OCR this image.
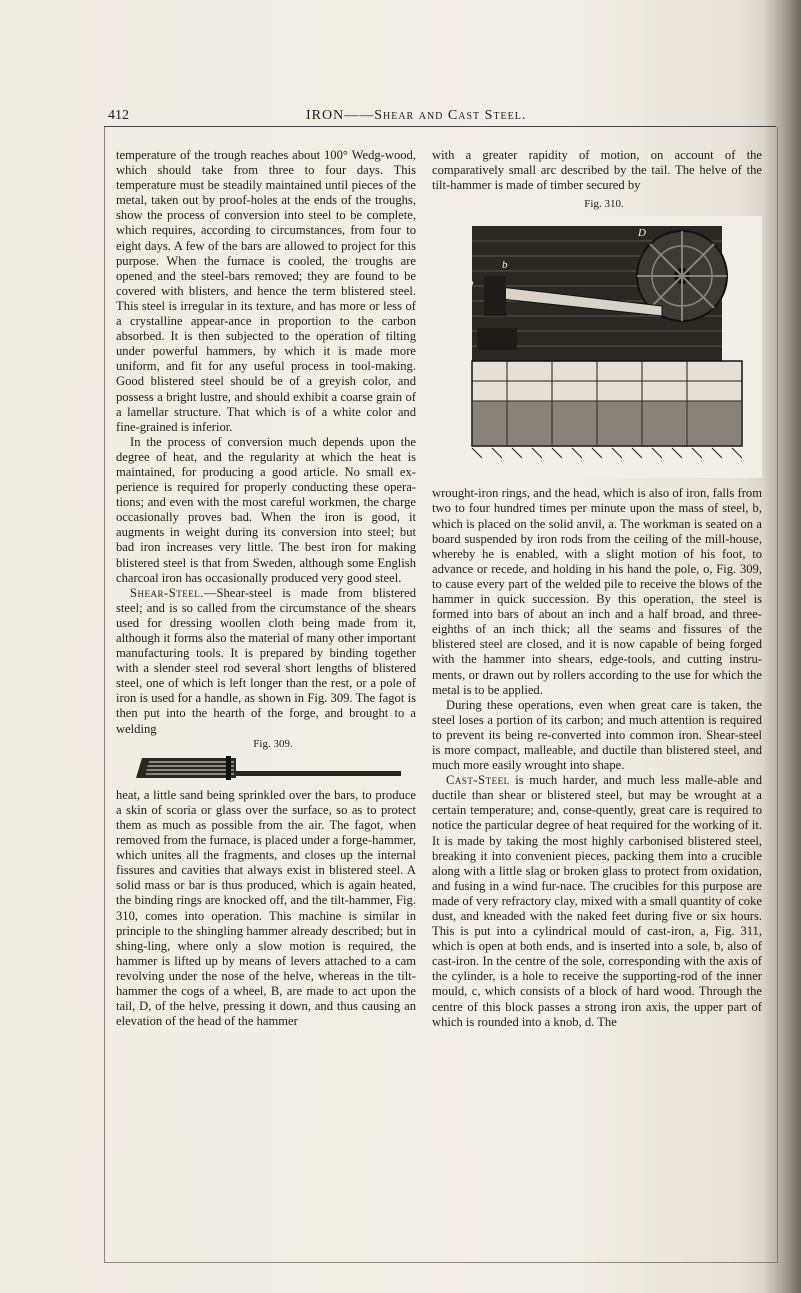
412	IRON——Shear and Cast Steel.

temperature of the trough reaches about 100° Wedg-wood, which should take from three to four days. This temperature must be steadily maintained until pieces of the metal, taken out by proof-holes at the ends of the troughs, show the process of conversion into steel to be complete, which requires, according to circumstances, from four to eight days. A few of the bars are allowed to project for this purpose. When the furnace is cooled, the troughs are opened and the steel-bars removed; they are found to be covered with blisters, and hence the term blistered steel. This steel is irregular in its texture, and has more or less of a crystalline appear-ance in proportion to the carbon absorbed. It is then subjected to the operation of tilting under powerful hammers, by which it is made more uniform, and fit for any useful process in tool-making. Good blistered steel should be of a greyish color, and possess a bright lustre, and should exhibit a coarse grain of a lamellar structure. That which is of a white color and fine-grained is inferior.

In the process of conversion much depends upon the degree of heat, and the regularity at which the heat is maintained, for producing a good article. No small ex-perience is required for properly conducting these opera-tions; and even with the most careful workmen, the charge occasionally proves bad. When the iron is good, it augments in weight during its conversion into steel; but bad iron increases very little. The best iron for making blistered steel is that from Sweden, although some English charcoal iron has occasionally produced very good steel.

Shear-Steel.—Shear-steel is made from blistered steel; and is so called from the circumstance of the shears used for dressing woollen cloth being made from it, although it forms also the material of many other important manufacturing tools. It is prepared by binding together with a slender steel rod several short lengths of blistered steel, one of which is left longer than the rest, or a pole of iron is used for a handle, as shown in Fig. 309. The fagot is then put into the hearth of the forge, and brought to a welding

Fig. 309.

heat, a little sand being sprinkled over the bars, to produce a skin of scoria or glass over the surface, so as to protect them as much as possible from the air. The fagot, when removed from the furnace, is placed under a forge-hammer, which unites all the fragments, and closes up the internal fissures and cavities that always exist in blistered steel. A solid mass or bar is thus produced, which is again heated, the binding rings are knocked off, and the tilt-hammer, Fig. 310, comes into operation. This machine is similar in principle to the shingling hammer already described; but in shing-ling, where only a slow motion is required, the hammer is lifted up by means of levers attached to a cam revolving under the nose of the helve, whereas in the tilt-hammer the cogs of a wheel, B, are made to act upon the tail, D, of the helve, pressing it down, and thus causing an elevation of the head of the hammer

with a greater rapidity of motion, on account of the comparatively small arc described by the tail. The helve of the tilt-hammer is made of timber secured by

Fig. 310.

b
a
D
b

wrought-iron rings, and the head, which is also of iron, falls from two to four hundred times per minute upon the mass of steel, b, which is placed on the solid anvil, a. The workman is seated on a board suspended by iron rods from the ceiling of the mill-house, whereby he is enabled, with a slight motion of his foot, to advance or recede, and holding in his hand the pole, o, Fig. 309, to cause every part of the welded pile to receive the blows of the hammer in quick succession. By this operation, the steel is formed into bars of about an inch and a half broad, and three-eighths of an inch thick; all the seams and fissures of the blistered steel are closed, and it is now capable of being forged with the hammer into shears, edge-tools, and cutting instru-ments, or drawn out by rollers according to the use for which the metal is to be applied.

During these operations, even when great care is taken, the steel loses a portion of its carbon; and much attention is required to prevent its being re-converted into common iron. Shear-steel is more compact, malleable, and ductile than blistered steel, and much more easily wrought into shape.

Cast-Steel is much harder, and much less malle-able and ductile than shear or blistered steel, but may be wrought at a certain temperature; and, conse-quently, great care is required to notice the particular degree of heat required for the working of it. It is made by taking the most highly carbonised blistered steel, breaking it into convenient pieces, packing them into a crucible along with a little slag or broken glass to protect from oxidation, and fusing in a wind fur-nace. The crucibles for this purpose are made of very refractory clay, mixed with a small quantity of coke dust, and kneaded with the naked feet during five or six hours. This is put into a cylindrical mould of cast-iron, a, Fig. 311, which is open at both ends, and is inserted into a sole, b, also of cast-iron. In the centre of the sole, corresponding with the axis of the cylinder, is a hole to receive the supporting-rod of the inner mould, c, which consists of a block of hard wood. Through the centre of this block passes a strong iron axis, the upper part of which is rounded into a knob, d. The
